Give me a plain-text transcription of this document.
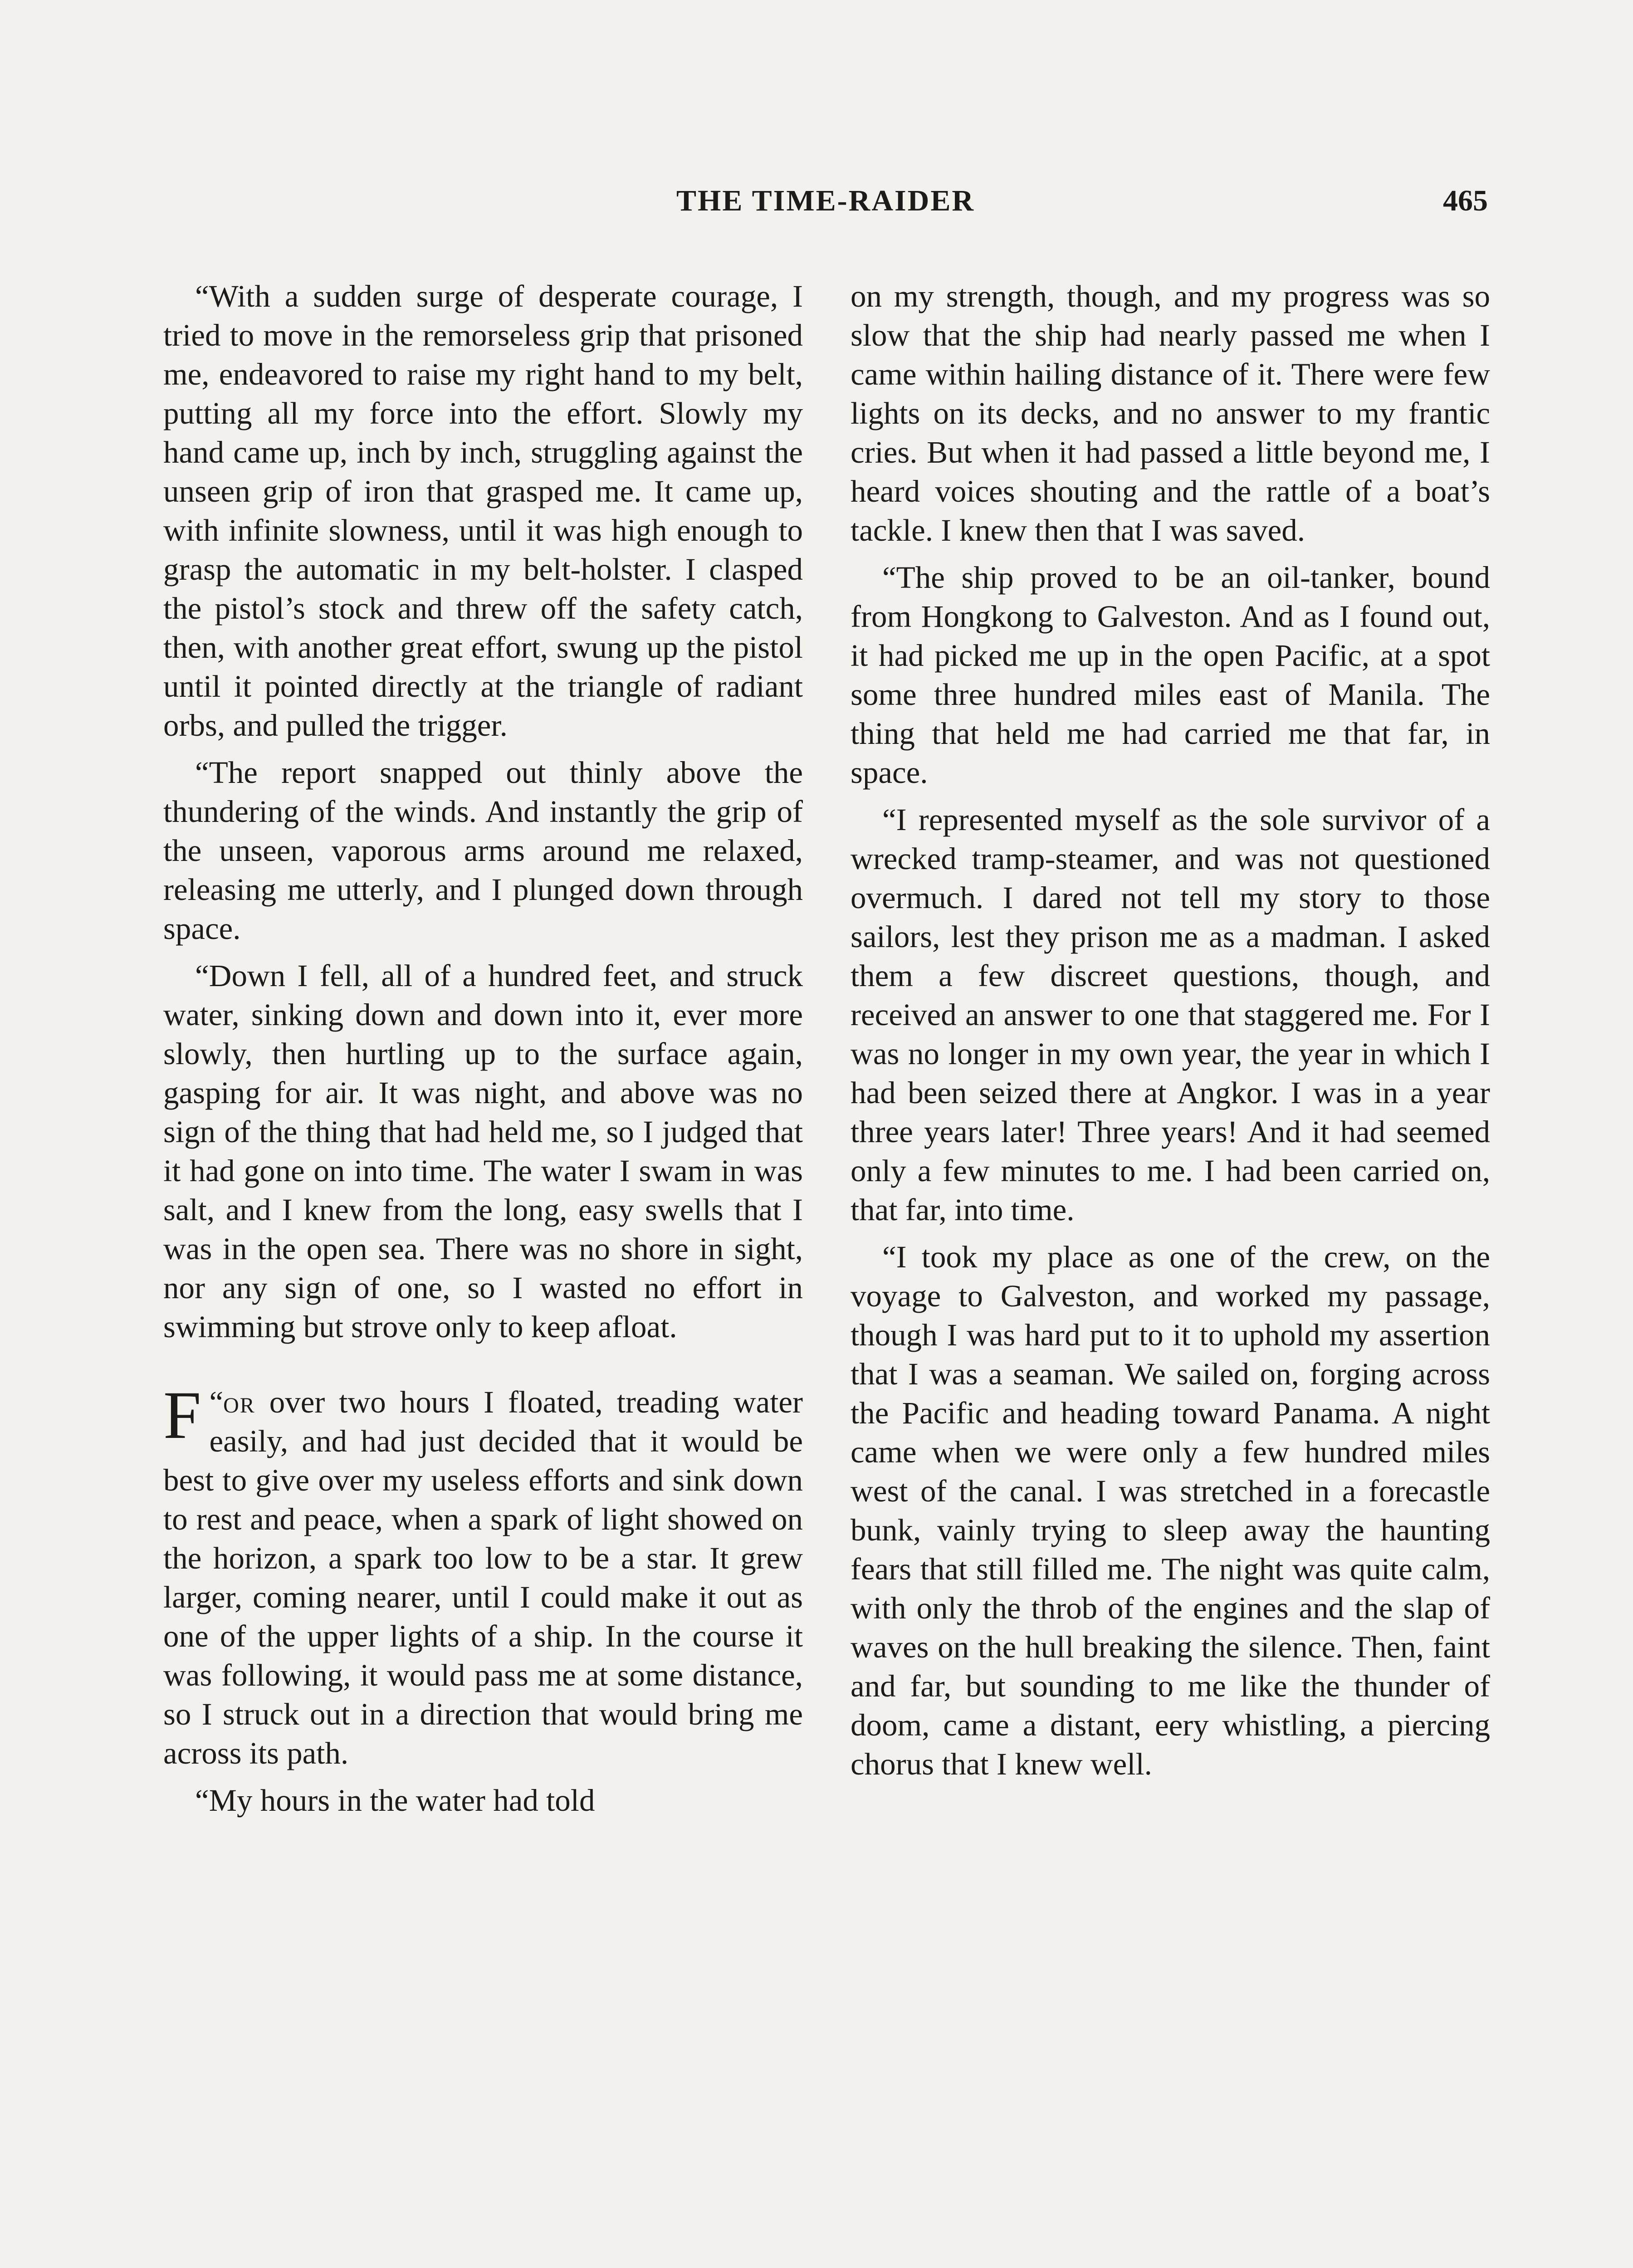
THE TIME-RAIDER	465

“With a sudden surge of desperate courage, I tried to move in the remorseless grip that prisoned me, endeavored to raise my right hand to my belt, putting all my force into the effort. Slowly my hand came up, inch by inch, struggling against the unseen grip of iron that grasped me. It came up, with infinite slowness, until it was high enough to grasp the automatic in my belt-holster. I clasped the pistol’s stock and threw off the safety catch, then, with another great effort, swung up the pistol until it pointed directly at the triangle of radiant orbs, and pulled the trigger.

“The report snapped out thinly above the thundering of the winds. And instantly the grip of the unseen, vaporous arms around me relaxed, releasing me utterly, and I plunged down through space.

“Down I fell, all of a hundred feet, and struck water, sinking down and down into it, ever more slowly, then hurtling up to the surface again, gasping for air. It was night, and above was no sign of the thing that had held me, so I judged that it had gone on into time. The water I swam in was salt, and I knew from the long, easy swells that I was in the open sea. There was no shore in sight, nor any sign of one, so I wasted no effort in swimming but strove only to keep afloat.

“
F or over two hours I floated, treading water easily, and had just decided that it would be best to give over my useless efforts and sink down to rest and peace, when a spark of light showed on the horizon, a spark too low to be a star. It grew larger, coming nearer, until I could make it out as one of the upper lights of a ship. In the course it was following, it would pass me at some distance, so I struck out in a direction that would bring me across its path.

“My hours in the water had told

on my strength, though, and my progress was so slow that the ship had nearly passed me when I came within hailing distance of it. There were few lights on its decks, and no answer to my frantic cries. But when it had passed a little beyond me, I heard voices shouting and the rattle of a boat’s tackle. I knew then that I was saved.

“The ship proved to be an oil-tanker, bound from Hongkong to Galveston. And as I found out, it had picked me up in the open Pacific, at a spot some three hundred miles east of Manila. The thing that held me had carried me that far, in space.

“I represented myself as the sole survivor of a wrecked tramp-steamer, and was not questioned overmuch. I dared not tell my story to those sailors, lest they prison me as a madman. I asked them a few discreet questions, though, and received an answer to one that staggered me. For I was no longer in my own year, the year in which I had been seized there at Angkor. I was in a year three years later! Three years! And it had seemed only a few minutes to me. I had been carried on, that far, into time.

“I took my place as one of the crew, on the voyage to Galveston, and worked my passage, though I was hard put to it to uphold my assertion that I was a seaman. We sailed on, forging across the Pacific and heading toward Panama. A night came when we were only a few hundred miles west of the canal. I was stretched in a forecastle bunk, vainly trying to sleep away the haunting fears that still filled me. The night was quite calm, with only the throb of the engines and the slap of waves on the hull breaking the silence. Then, faint and far, but sounding to me like the thunder of doom, came a distant, eery whistling, a piercing chorus that I knew well.
